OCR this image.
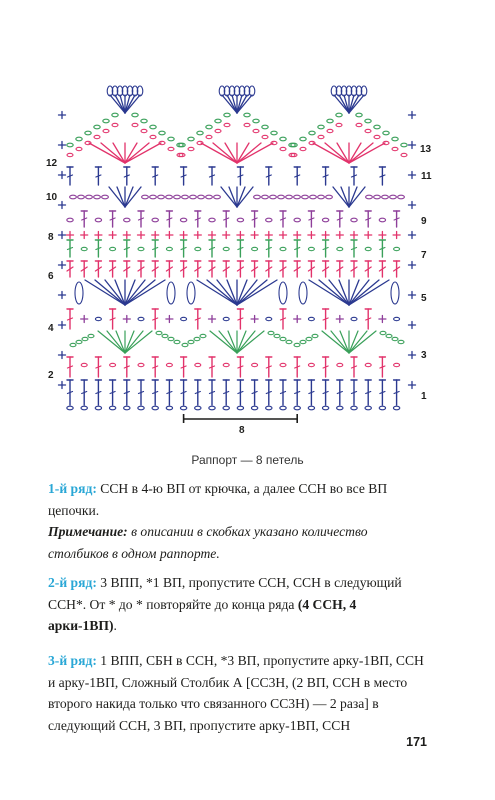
12
10
8
6
4
2
13
11
9
7
5
3
1
8
Раппорт — 8 петель

1-й ряд: ССН в 4-ю ВП от крючка, а далее ССН во все ВП цепочки.

Примечание: в описании в скобках указано количество столбиков в одном раппорте.

2-й ряд: 3 ВПП, *1 ВП, пропустите ССН, ССН в следующий ССН*. От * до * повторяйте до конца ряда (4 ССН, 4 арки-1ВП).

3-й ряд: 1 ВПП, СБН в ССН, *3 ВП, пропустите арку-1ВП, ССН и арку-1ВП, Сложный Столбик А [СС3Н, (2 ВП, ССН в место второго накида только что связанного СС3Н) — 2 раза] в следующий ССН, 3 ВП, пропустите арку-1ВП, ССН

171
